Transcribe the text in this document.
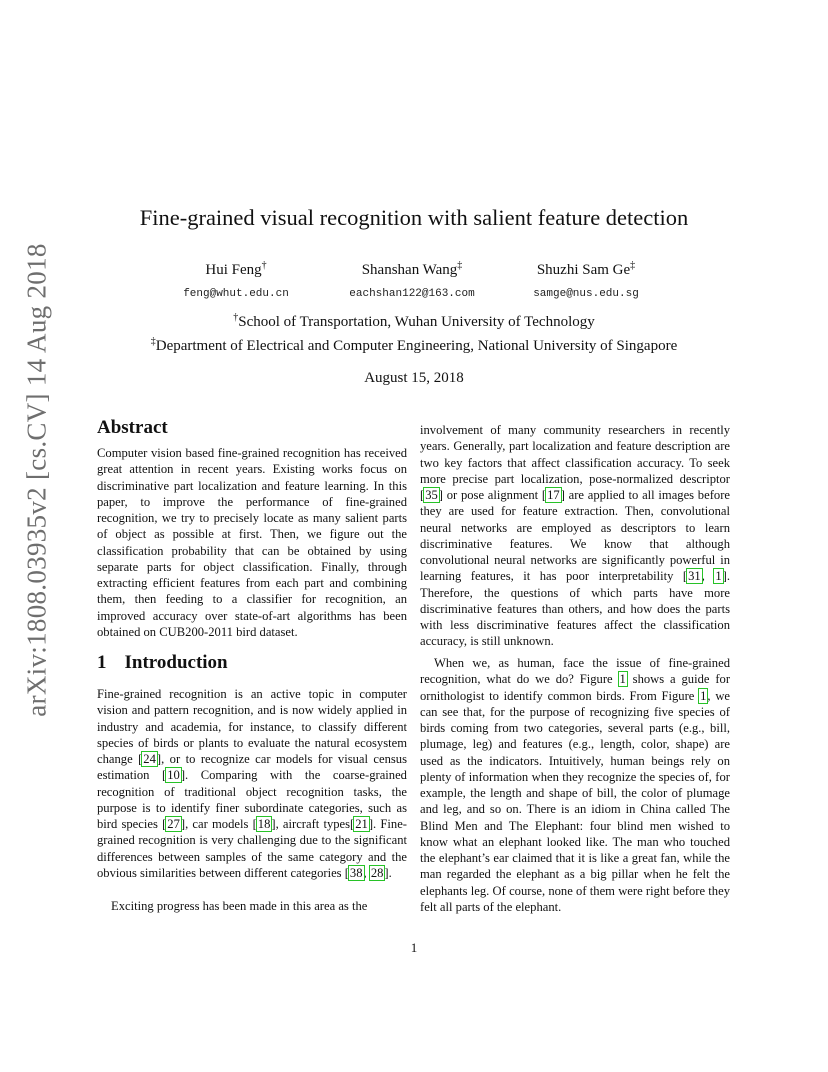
arXiv:1808.03935v2 [cs.CV] 14 Aug 2018
Fine-grained visual recognition with salient feature detection
Hui Feng†
feng@whut.edu.cn
Shanshan Wang‡
eachshan122@163.com
Shuzhi Sam Ge‡
samge@nus.edu.sg
†School of Transportation, Wuhan University of Technology
‡Department of Electrical and Computer Engineering, National University of Singapore
August 15, 2018
Abstract
Computer vision based fine-grained recognition has received great attention in recent years. Existing works focus on discriminative part localization and feature learning. In this paper, to improve the performance of fine-grained recognition, we try to precisely locate as many salient parts of object as possible at first. Then, we figure out the classification probability that can be obtained by using separate parts for object classification. Finally, through extracting efficient features from each part and combining them, then feeding to a classifier for recognition, an improved accuracy over state-of-art algorithms has been obtained on CUB200-2011 bird dataset.
1 Introduction
Fine-grained recognition is an active topic in computer vision and pattern recognition, and is now widely applied in industry and academia, for instance, to classify different species of birds or plants to evaluate the natural ecosystem change [24], or to recognize car models for visual census estimation [10]. Comparing with the coarse-grained recognition of traditional object recognition tasks, the purpose is to identify finer subordinate categories, such as bird species [27], car models [18], aircraft types[21]. Fine-grained recognition is very challenging due to the significant differences between samples of the same category and the obvious similarities between different categories [38, 28].
Exciting progress has been made in this area as the
involvement of many community researchers in recently years. Generally, part localization and feature description are two key factors that affect classification accuracy. To seek more precise part localization, pose-normalized descriptor [35] or pose alignment [17] are applied to all images before they are used for feature extraction. Then, convolutional neural networks are employed as descriptors to learn discriminative features. We know that although convolutional neural networks are significantly powerful in learning features, it has poor interpretability [31, 1]. Therefore, the questions of which parts have more discriminative features than others, and how does the parts with less discriminative features affect the classification accuracy, is still unknown.
When we, as human, face the issue of fine-grained recognition, what do we do? Figure 1 shows a guide for ornithologist to identify common birds. From Figure 1, we can see that, for the purpose of recognizing five species of birds coming from two categories, several parts (e.g., bill, plumage, leg) and features (e.g., length, color, shape) are used as the indicators. Intuitively, human beings rely on plenty of information when they recognize the species of, for example, the length and shape of bill, the color of plumage and leg, and so on. There is an idiom in China called The Blind Men and The Elephant: four blind men wished to know what an elephant looked like. The man who touched the elephant’s ear claimed that it is like a great fan, while the man regarded the elephant as a big pillar when he felt the elephants leg. Of course, none of them were right before they felt all parts of the elephant.
1
